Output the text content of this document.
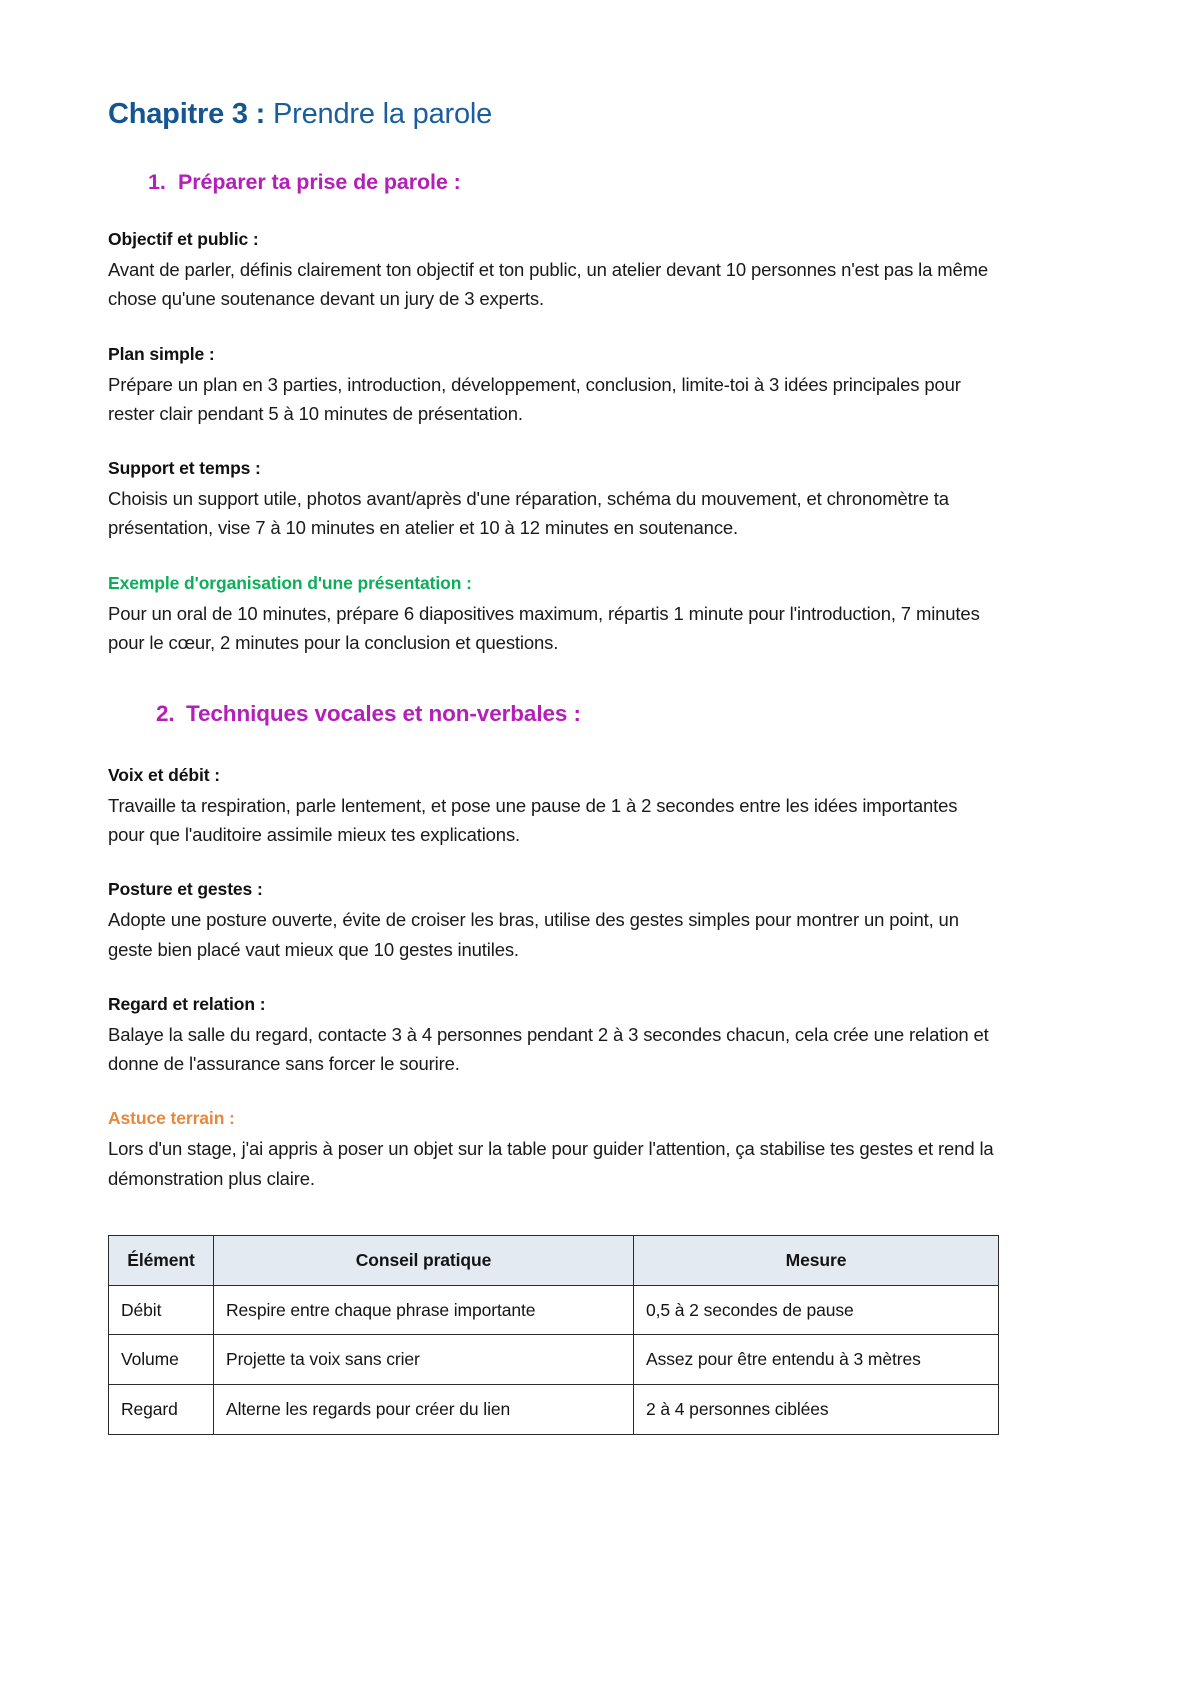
Chapitre 3 : Prendre la parole
1. Préparer ta prise de parole :
Objectif et public :

Avant de parler, définis clairement ton objectif et ton public, un atelier devant 10 personnes n'est pas la même chose qu'une soutenance devant un jury de 3 experts.

Plan simple :

Prépare un plan en 3 parties, introduction, développement, conclusion, limite-toi à 3 idées principales pour rester clair pendant 5 à 10 minutes de présentation.

Support et temps :

Choisis un support utile, photos avant/après d'une réparation, schéma du mouvement, et chronomètre ta présentation, vise 7 à 10 minutes en atelier et 10 à 12 minutes en soutenance.

Exemple d'organisation d'une présentation :

Pour un oral de 10 minutes, prépare 6 diapositives maximum, répartis 1 minute pour l'introduction, 7 minutes pour le cœur, 2 minutes pour la conclusion et questions.

2. Techniques vocales et non-verbales :
Voix et débit :

Travaille ta respiration, parle lentement, et pose une pause de 1 à 2 secondes entre les idées importantes pour que l'auditoire assimile mieux tes explications.

Posture et gestes :

Adopte une posture ouverte, évite de croiser les bras, utilise des gestes simples pour montrer un point, un geste bien placé vaut mieux que 10 gestes inutiles.

Regard et relation :

Balaye la salle du regard, contacte 3 à 4 personnes pendant 2 à 3 secondes chacun, cela crée une relation et donne de l'assurance sans forcer le sourire.

Astuce terrain :

Lors d'un stage, j'ai appris à poser un objet sur la table pour guider l'attention, ça stabilise tes gestes et rend la démonstration plus claire.

Élément	Conseil pratique	Mesure
Débit	Respire entre chaque phrase importante	0,5 à 2 secondes de pause
Volume	Projette ta voix sans crier	Assez pour être entendu à 3 mètres
Regard	Alterne les regards pour créer du lien	2 à 4 personnes ciblées
